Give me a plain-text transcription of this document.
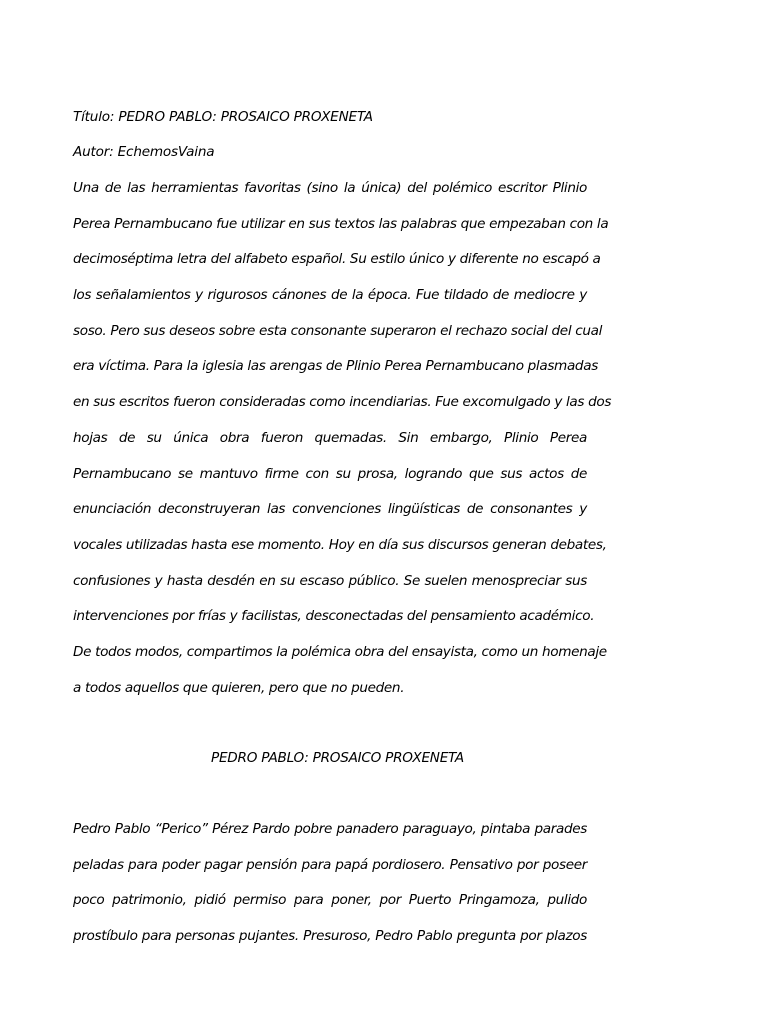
Título: PEDRO PABLO: PROSAICO PROXENETA
Autor: EchemosVaina
Una de las herramientas favoritas (sino la única) del polémico escritor Plinio
Perea Pernambucano fue utilizar en sus textos las palabras que empezaban con la
decimoséptima letra del alfabeto español. Su estilo único y diferente no escapó a
los señalamientos y rigurosos cánones de la época. Fue tildado de mediocre y
soso. Pero sus deseos sobre esta consonante superaron el rechazo social del cual
era víctima. Para la iglesia las arengas de Plinio Perea Pernambucano plasmadas
en sus escritos fueron consideradas como incendiarias. Fue excomulgado y las dos
hojas de su única obra fueron quemadas. Sin embargo, Plinio Perea
Pernambucano se mantuvo firme con su prosa, logrando que sus actos de
enunciación deconstruyeran las convenciones lingüísticas de consonantes y
vocales utilizadas hasta ese momento. Hoy en día sus discursos generan debates,
confusiones y hasta desdén en su escaso público. Se suelen menospreciar sus
intervenciones por frías y facilistas, desconectadas del pensamiento académico.
De todos modos, compartimos la polémica obra del ensayista, como un homenaje
a todos aquellos que quieren, pero que no pueden.
PEDRO PABLO: PROSAICO PROXENETA
Pedro Pablo “Perico” Pérez Pardo pobre panadero paraguayo, pintaba parades
peladas para poder pagar pensión para papá pordiosero. Pensativo por poseer
poco patrimonio, pidió permiso para poner, por Puerto Pringamoza, pulido
prostíbulo para personas pujantes. Presuroso, Pedro Pablo pregunta por plazos
